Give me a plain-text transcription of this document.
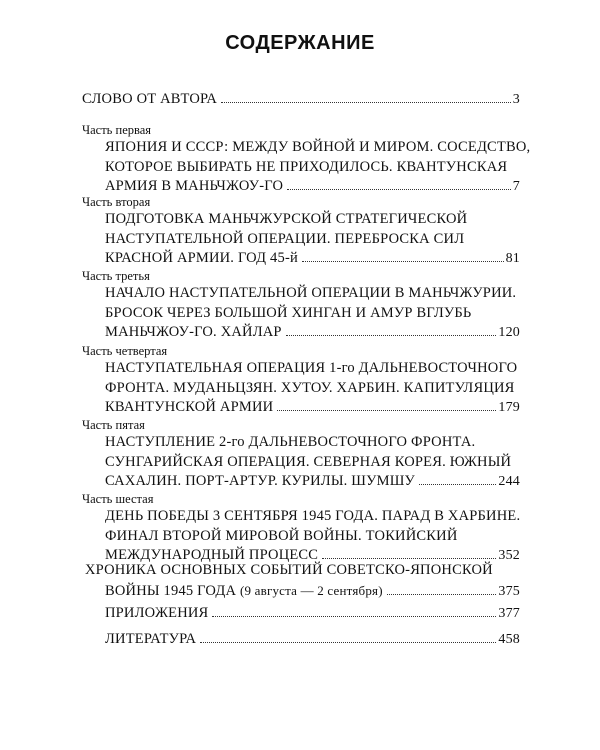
СОДЕРЖАНИЕ
СЛОВО ОТ АВТОРА	3
Часть первая
ЯПОНИЯ И СССР: МЕЖДУ ВОЙНОЙ И МИРОМ. СОСЕДСТВО,
КОТОРОЕ ВЫБИРАТЬ НЕ ПРИХОДИЛОСЬ. КВАНТУНСКАЯ
АРМИЯ В МАНЬЧЖОУ-ГО	7
Часть вторая
ПОДГОТОВКА МАНЬЧЖУРСКОЙ СТРАТЕГИЧЕСКОЙ
НАСТУПАТЕЛЬНОЙ ОПЕРАЦИИ. ПЕРЕБРОСКА СИЛ
КРАСНОЙ АРМИИ. ГОД 45-й	81
Часть третья
НАЧАЛО НАСТУПАТЕЛЬНОЙ ОПЕРАЦИИ В МАНЬЧЖУРИИ.
БРОСОК ЧЕРЕЗ БОЛЬШОЙ ХИНГАН И АМУР ВГЛУБЬ
МАНЬЧЖОУ-ГО. ХАЙЛАР	120
Часть четвертая
НАСТУПАТЕЛЬНАЯ ОПЕРАЦИЯ 1-го ДАЛЬНЕВОСТОЧНОГО
ФРОНТА. МУДАНЬЦЗЯН. ХУТОУ. ХАРБИН. КАПИТУЛЯЦИЯ
КВАНТУНСКОЙ АРМИИ	179
Часть пятая
НАСТУПЛЕНИЕ 2-го ДАЛЬНЕВОСТОЧНОГО ФРОНТА.
СУНГАРИЙСКАЯ ОПЕРАЦИЯ. СЕВЕРНАЯ КОРЕЯ. ЮЖНЫЙ
САХАЛИН. ПОРТ-АРТУР. КУРИЛЫ. ШУМШУ	244
Часть шестая
ДЕНЬ ПОБЕДЫ 3 СЕНТЯБРЯ 1945 ГОДА. ПАРАД В ХАРБИНЕ.
ФИНАЛ ВТОРОЙ МИРОВОЙ ВОЙНЫ. ТОКИЙСКИЙ
МЕЖДУНАРОДНЫЙ ПРОЦЕСС	352
ХРОНИКА ОСНОВНЫХ СОБЫТИЙ СОВЕТСКО-ЯПОНСКОЙ
ВОЙНЫ 1945 ГОДА (9 августа — 2 сентября)	375
ПРИЛОЖЕНИЯ	377
ЛИТЕРАТУРА	458
